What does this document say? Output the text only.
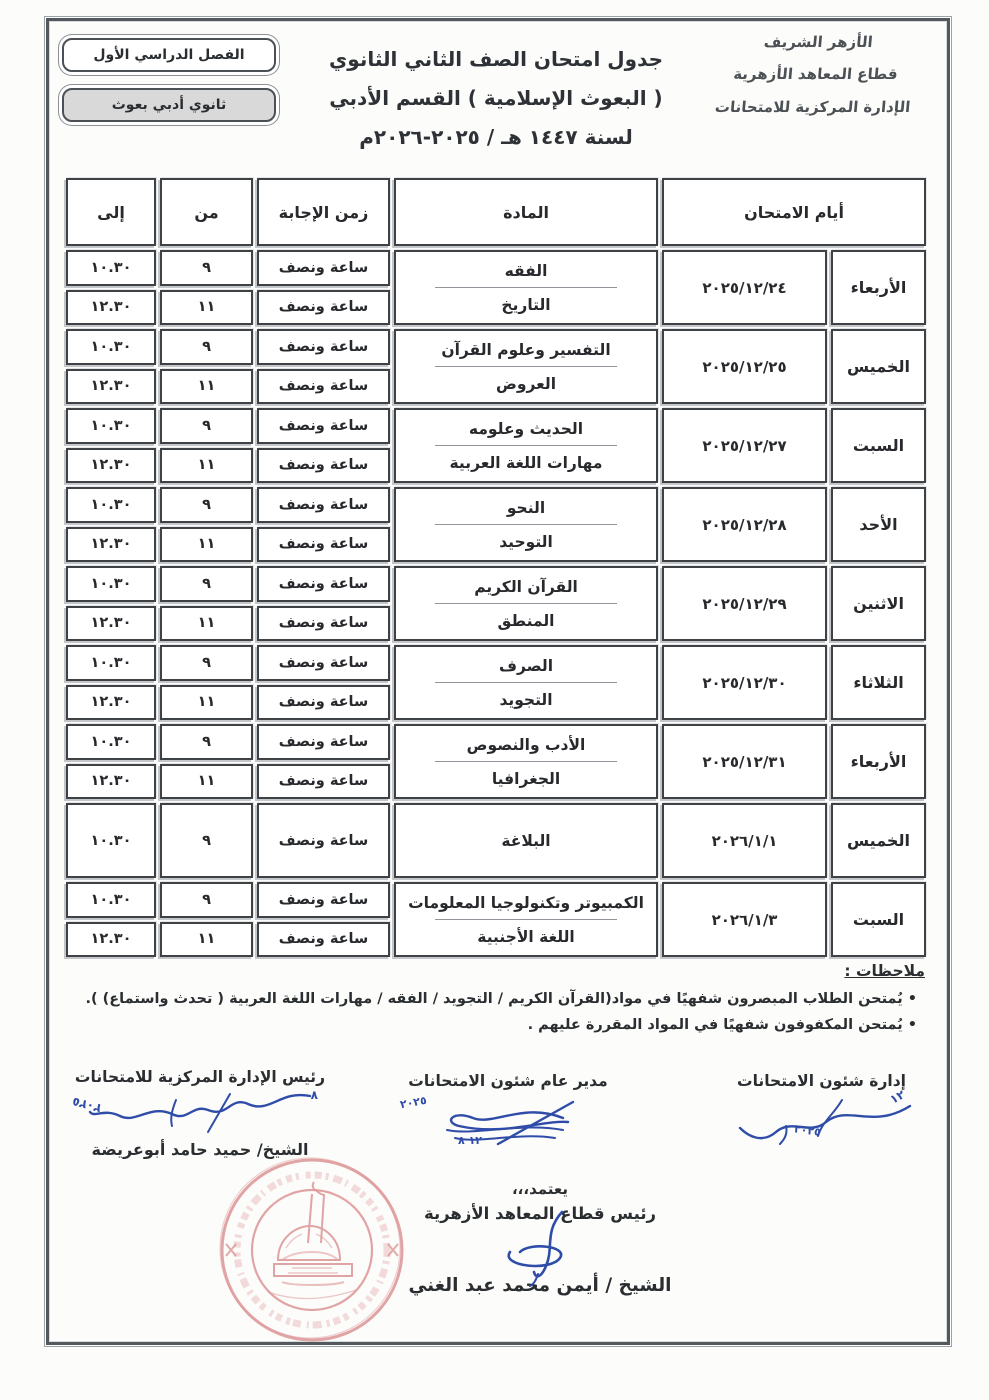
الأزهر الشريف
قطاع المعاهد الأزهرية
الإدارة المركزية للامتحانات
جدول امتحان الصف الثاني الثانوي
( البعوث الإسلامية ) القسم الأدبي
لسنة ١٤٤٧ هـ / ٢٠٢٥-٢٠٢٦م
الفصل الدراسي الأول
ثانوي أدبي بعوث
أيام الامتحان
المادة
زمن الإجابة
من
إلى
الأربعاء
٢٠٢٥/١٢/٢٤
الفقه
التاريخ
ساعة ونصف
ساعة ونصف
٩
١١
١٠.٣٠
١٢.٣٠
الخميس
٢٠٢٥/١٢/٢٥
التفسير وعلوم القرآن
العروض
ساعة ونصف
ساعة ونصف
٩
١١
١٠.٣٠
١٢.٣٠
السبت
٢٠٢٥/١٢/٢٧
الحديث وعلومه
مهارات اللغة العربية
ساعة ونصف
ساعة ونصف
٩
١١
١٠.٣٠
١٢.٣٠
الأحد
٢٠٢٥/١٢/٢٨
النحو
التوحيد
ساعة ونصف
ساعة ونصف
٩
١١
١٠.٣٠
١٢.٣٠
الاثنين
٢٠٢٥/١٢/٢٩
القرآن الكريم
المنطق
ساعة ونصف
ساعة ونصف
٩
١١
١٠.٣٠
١٢.٣٠
الثلاثاء
٢٠٢٥/١٢/٣٠
الصرف
التجويد
ساعة ونصف
ساعة ونصف
٩
١١
١٠.٣٠
١٢.٣٠
الأربعاء
٢٠٢٥/١٢/٣١
الأدب والنصوص
الجغرافيا
ساعة ونصف
ساعة ونصف
٩
١١
١٠.٣٠
١٢.٣٠
الخميس
٢٠٢٦/١/١
البلاغة
ساعة ونصف
٩
١٠.٣٠
السبت
٢٠٢٦/١/٣
الكمبيوتر وتكنولوجيا المعلومات
اللغة الأجنبية
ساعة ونصف
ساعة ونصف
٩
١١
١٠.٣٠
١٢.٣٠
ملاحظات :
• يُمتحن الطلاب المبصرون شفهيًا في مواد(القرآن الكريم / التجويد / الفقه / مهارات اللغة العربية ( تحدث واستماع) ).
• يُمتحن المكفوفون شفهيًا في المواد المقررة عليهم .
إدارة شئون الامتحانات
١٢
٢٠٢٥
مدير عام شئون الامتحانات
٢٠٢٥
١٢ ٨
رئيس الإدارة المركزية للامتحانات
٨
٢٠٢٥
الشيخ/ حميد حامد أبوعريضة
يعتمد،،،
رئيس قطاع المعاهد الأزهرية
الشيخ / أيمن محمد عبد الغني
